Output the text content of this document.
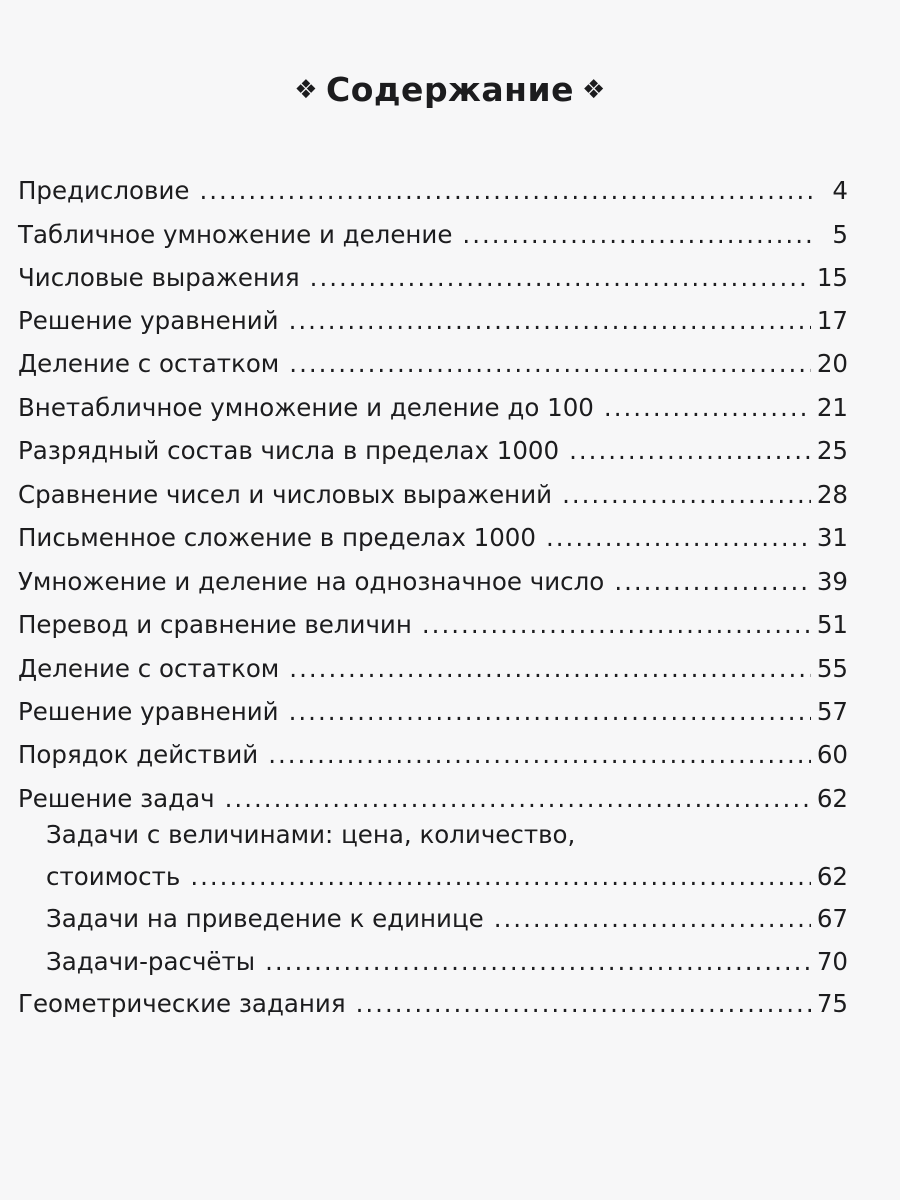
❖ Содержание ❖
Предисловие .....	4
Табличное умножение и деление .....	5
Числовые выражения .....	15
Решение уравнений .....	17
Деление с остатком .....	20
Внетабличное умножение и деление до 100 .....	21
Разрядный состав числа в пределах 1000 .....	25
Сравнение чисел и числовых выражений .....	28
Письменное сложение в пределах 1000 .....	31
Умножение и деление на однозначное число .....	39
Перевод и сравнение величин .....	51
Деление с остатком .....	55
Решение уравнений .....	57
Порядок действий .....	60
Решение задач .....	62
Задачи с величинами: цена, количество,
стоимость .....	62
Задачи на приведение к единице .....	67
Задачи-расчёты .....	70
Геометрические задания .....	75
